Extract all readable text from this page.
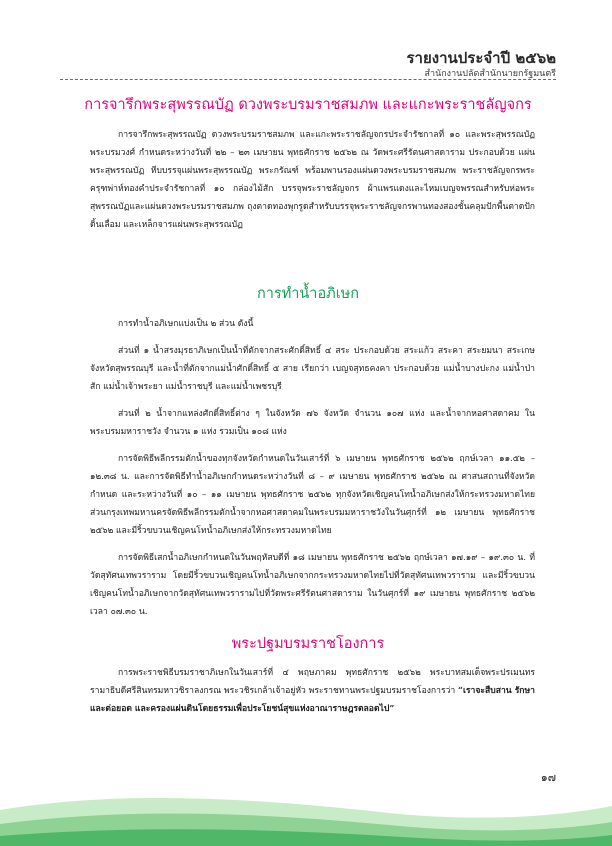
รายงานประจำปี ๒๕๖๒
สำนักงานปลัดสำนักนายกรัฐมนตรี
การจารึกพระสุพรรณบัฏ ดวงพระบรมราชสมภพ และแกะพระราชลัญจกร

การจารึกพระสุพรรณบัฏ ดวงพระบรมราชสมภพ และแกะพระราชลัญจกรประจำรัชกาลที่ ๑๐ และพระสุพรรณบัฏพระบรมวงศ์ กำหนดระหว่างวันที่ ๒๒ – ๒๓ เมษายน พุทธศักราช ๒๕๖๒ ณ วัดพระศรีรัตนศาสดาราม ประกอบด้วย แผ่นพระสุพรรณบัฏ หีบบรรจุแผ่นพระสุพรรณบัฏ พระกรัณฑ์ พร้อมพานรองแผ่นดวงพระบรมราชสมภพ พระราชลัญจกรพระครุฑพ่าห์ทองคำประจำรัชกาลที่ ๑๐ กล่องไม้สัก บรรจุพระราชลัญจกร ผ้าแพรแดงและไหมเบญจพรรณสำหรับห่อพระสุพรรณบัฏและแผ่นดวงพระบรมราชสมภพ ถุงตาดทองพุกรูดสำหรับบรรจุพระราชลัญจกรพานทองสองชั้นคลุมปักพื้นตาดปักดิ้นเลื่อม และเหล็กจารแผ่นพระสุพรรณบัฏ

การทำน้ำอภิเษก

การทำน้ำอภิเษกแบ่งเป็น ๒ ส่วน ดังนี้

ส่วนที่ ๑ น้ำสรงมุรธาภิเษกเป็นน้ำที่ตักจากสระศักดิ์สิทธิ์ ๔ สระ ประกอบด้วย สระแก้ว สระคา สระยมนา สระเกษ จังหวัดสุพรรณบุรี และน้ำที่ตักจากแม่น้ำศักดิ์สิทธิ์ ๕ สาย เรียกว่า เบญจสุทธคงคา ประกอบด้วย แม่น้ำบางปะกง แม่น้ำป่าสัก แม่น้ำเจ้าพระยา แม่น้ำราชบุรี และแม่น้ำเพชรบุรี

ส่วนที่ ๒ น้ำจากแหล่งศักดิ์สิทธิ์ต่าง ๆ ในจังหวัด ๗๖ จังหวัด จำนวน ๑๐๗ แห่ง และน้ำจากหอศาสดาคม ในพระบรมมหาราชวัง จำนวน ๑ แห่ง รวมเป็น ๑๐๘ แห่ง

การจัดพิธีพลีกรรมตักน้ำของทุกจังหวัดกำหนดในวันเสาร์ที่ ๖ เมษายน พุทธศักราช ๒๕๖๒ ฤกษ์เวลา ๑๑.๕๒ – ๑๒.๓๘ น. และการจัดพิธีทำน้ำอภิเษกกำหนดระหว่างวันที่ ๘ – ๙ เมษายน พุทธศักราช ๒๕๖๒ ณ ศาสนสถานที่จังหวัดกำหนด และระหว่างวันที่ ๑๐ – ๑๑ เมษายน พุทธศักราช ๒๕๖๒ ทุกจังหวัดเชิญคนโทน้ำอภิเษกส่งให้กระทรวงมหาดไทย ส่วนกรุงเทพมหานครจัดพิธีพลีกรรมตักน้ำจากหอศาสดาคมในพระบรมมหาราชวังในวันศุกร์ที่ ๑๒ เมษายน พุทธศักราช ๒๕๖๒ และมีริ้วขบวนเชิญคนโทน้ำอภิเษกส่งให้กระทรวงมหาดไทย

การจัดพิธีเสกน้ำอภิเษกกำหนดในวันพฤหัสบดีที่ ๑๘ เมษายน พุทธศักราช ๒๕๖๒ ฤกษ์เวลา ๑๗.๑๙ – ๑๙.๓๐ น. ที่วัดสุทัศนเทพวราราม โดยมีริ้วขบวนเชิญคนโทน้ำอภิเษกจากกระทรวงมหาดไทยไปที่วัดสุทัศนเทพวราราม และมีริ้วขบวนเชิญคนโทน้ำอภิเษกจากวัดสุทัศนเทพวรารามไปที่วัดพระศรีรัตนศาสดาราม ในวันศุกร์ที่ ๑๙ เมษายน พุทธศักราช ๒๕๖๒ เวลา ๐๗.๓๐ น.

พระปฐมบรมราชโองการ

การพระราชพิธีบรมราชาภิเษกในวันเสาร์ที่ ๔ พฤษภาคม พุทธศักราช ๒๕๖๒ พระบาทสมเด็จพระปรเมนทรรามาธิบดีศรีสินทรมหาวชิราลงกรณ พระวชิรเกล้าเจ้าอยู่หัว พระราชทานพระปฐมบรมราชโองการว่า “เราจะสืบสาน รักษา และต่อยอด และครองแผ่นดินโดยธรรมเพื่อประโยชน์สุขแห่งอาณาราษฎรตลอดไป”

๑๗
